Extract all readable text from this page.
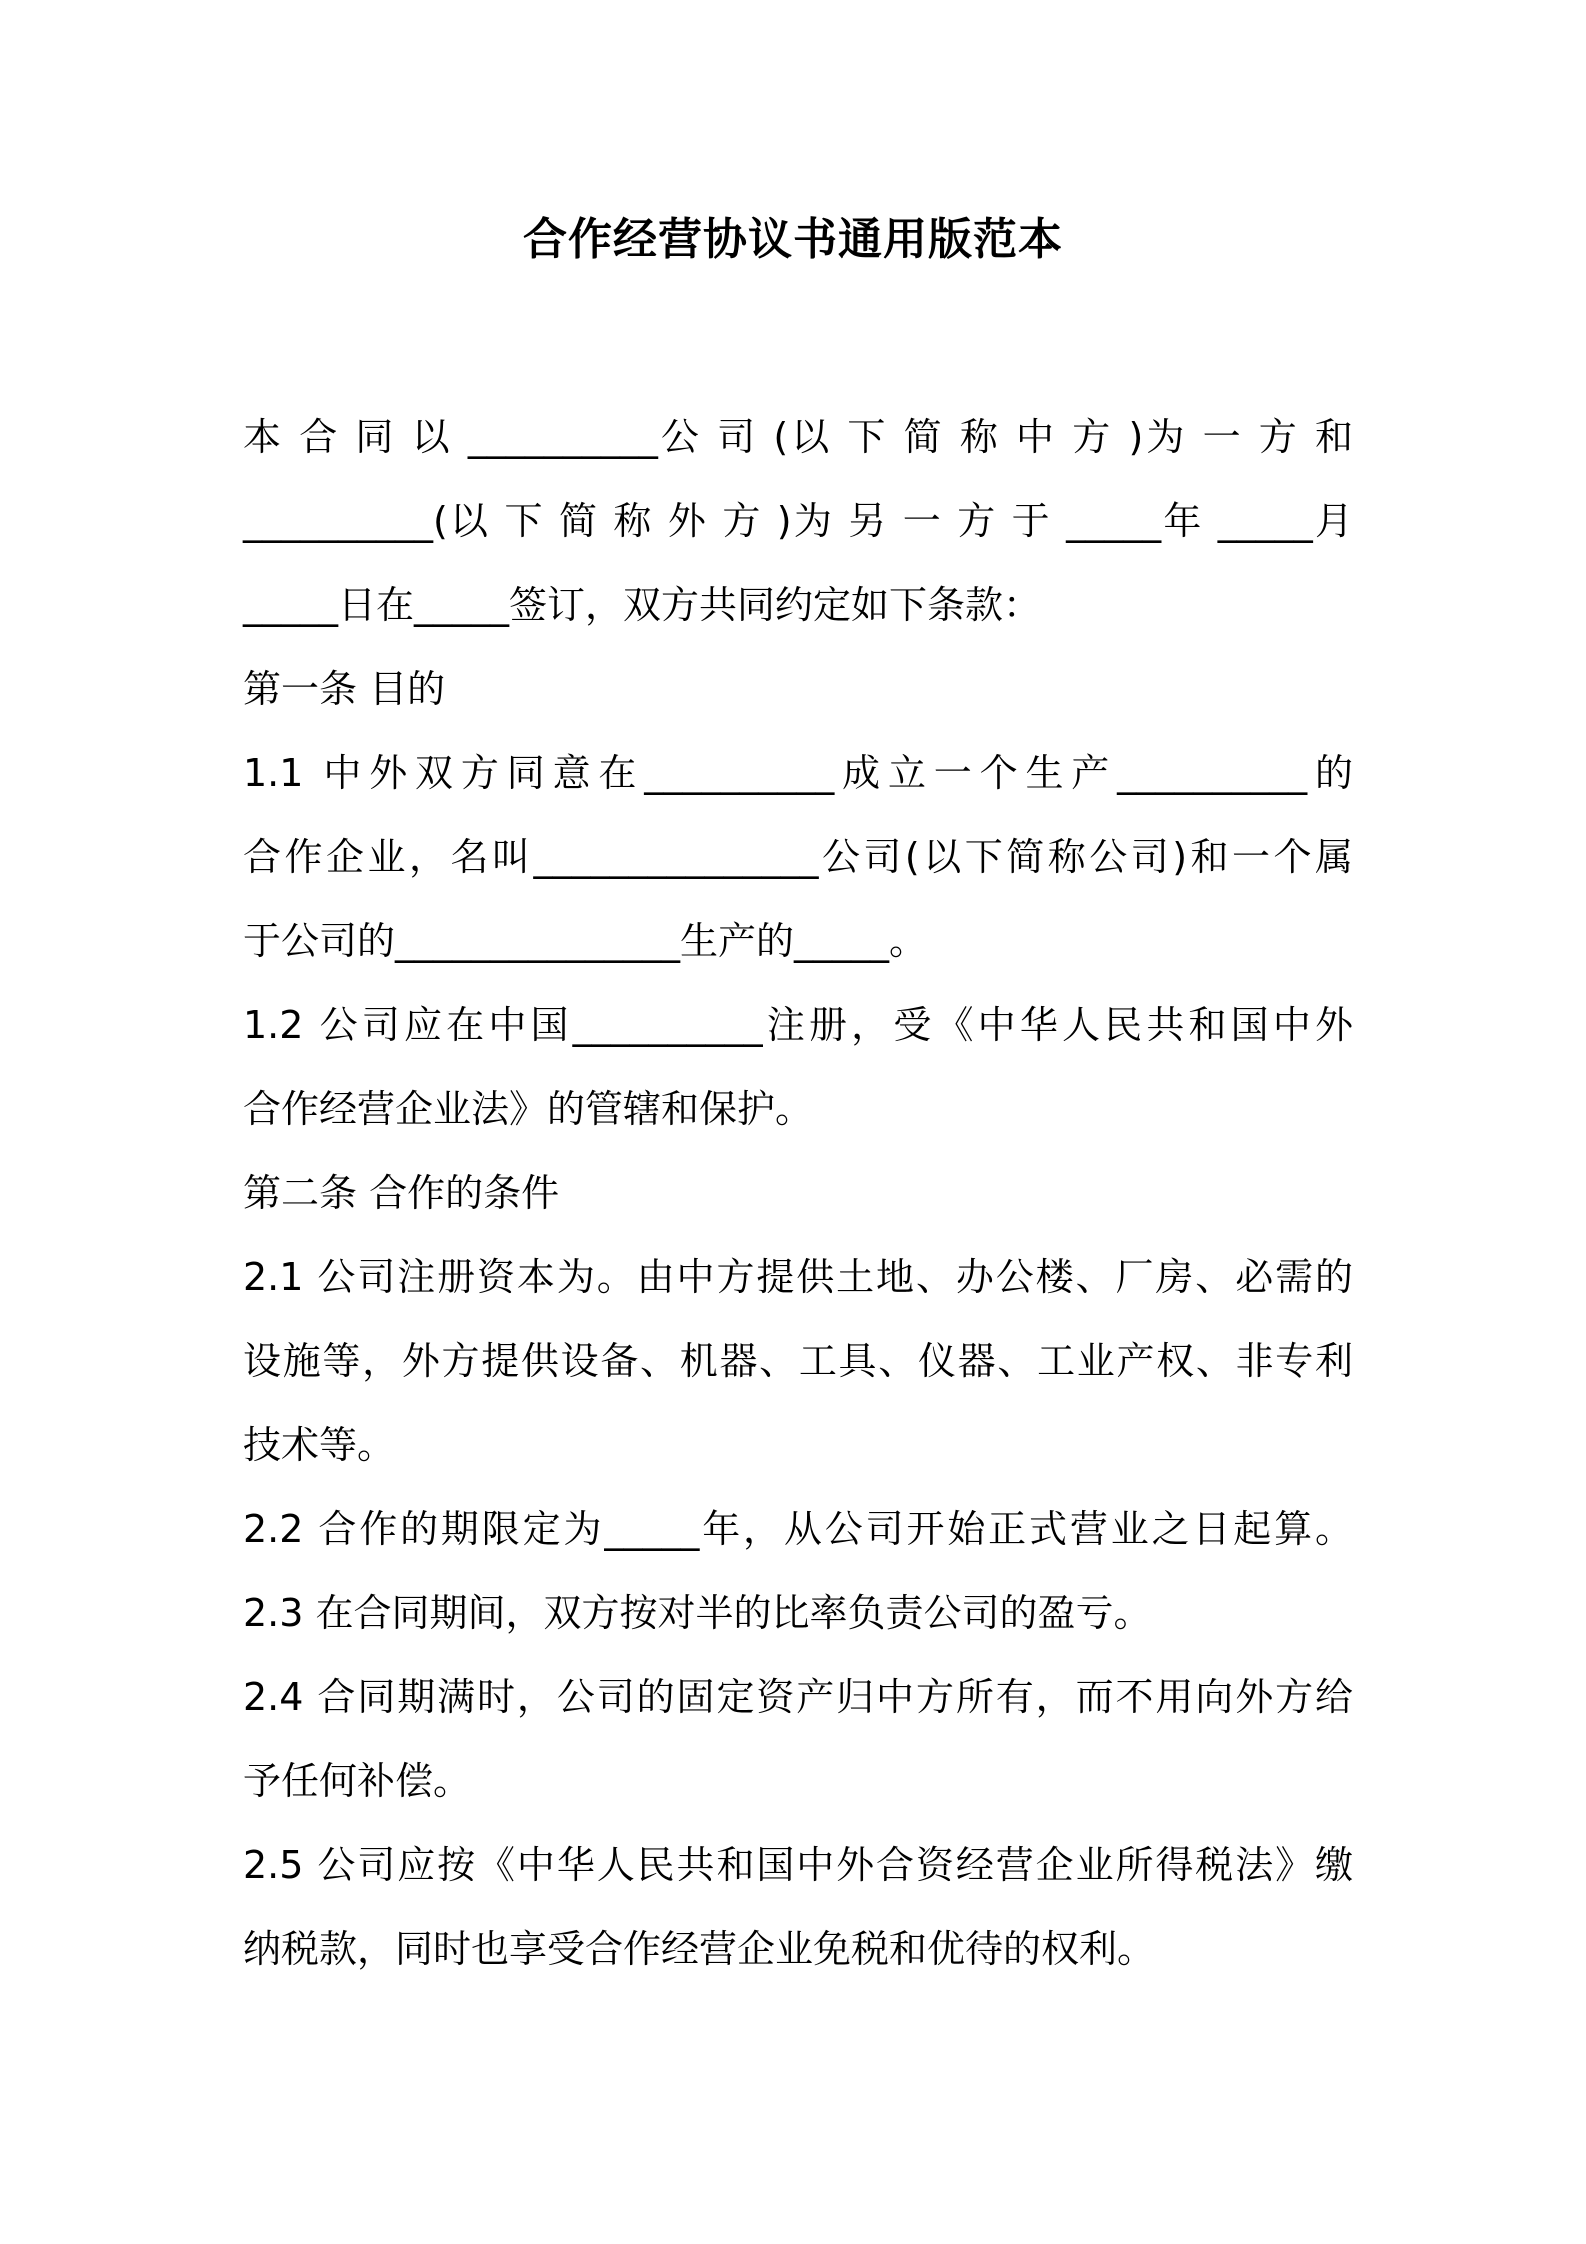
合作经营协议书通用版范本
本 合 同 以 __________公 司 (以 下 简 称 中 方 )为 一 方 和
__________(以 下 简 称 外 方 )为 另 一 方 于 _____年 _____月
_____日在_____签订，双方共同约定如下条款：
第一条 目的
1.1 中外双方同意在__________成立一个生产__________的
合作企业，名叫_______________公司(以下简称公司)和一个属
于公司的_______________生产的_____。
1.2 公司应在中国__________注册，受《中华人民共和国中外
合作经营企业法》的管辖和保护。
第二条 合作的条件
2.1 公司注册资本为。由中方提供土地、办公楼、厂房、必需的
设施等，外方提供设备、机器、工具、仪器、工业产权、非专利
技术等。
2.2 合作的期限定为_____年，从公司开始正式营业之日起算。
2.3 在合同期间，双方按对半的比率负责公司的盈亏。
2.4 合同期满时，公司的固定资产归中方所有，而不用向外方给
予任何补偿。
2.5 公司应按《中华人民共和国中外合资经营企业所得税法》缴
纳税款，同时也享受合作经营企业免税和优待的权利。
